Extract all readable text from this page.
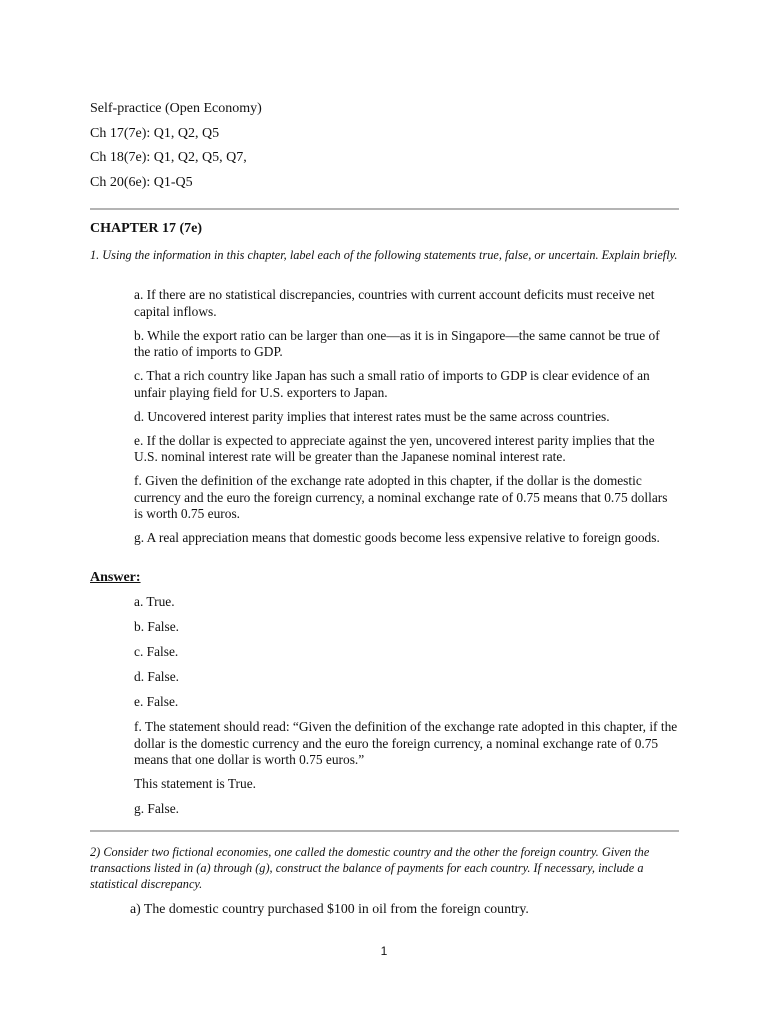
Self-practice (Open Economy)
Ch 17(7e): Q1, Q2, Q5
Ch 18(7e): Q1, Q2, Q5, Q7,
Ch 20(6e): Q1-Q5
CHAPTER 17 (7e)
1. Using the information in this chapter, label each of the following statements true, false, or uncertain. Explain briefly.

a. If there are no statistical discrepancies, countries with current account deficits must receive net capital inflows.

b. While the export ratio can be larger than one—as it is in Singapore—the same cannot be true of the ratio of imports to GDP.

c. That a rich country like Japan has such a small ratio of imports to GDP is clear evidence of an unfair playing field for U.S. exporters to Japan.

d. Uncovered interest parity implies that interest rates must be the same across countries.

e. If the dollar is expected to appreciate against the yen, uncovered interest parity implies that the U.S. nominal interest rate will be greater than the Japanese nominal interest rate.

f. Given the definition of the exchange rate adopted in this chapter, if the dollar is the domestic currency and the euro the foreign currency, a nominal exchange rate of 0.75 means that 0.75 dollars is worth 0.75 euros.

g. A real appreciation means that domestic goods become less expensive relative to foreign goods.

Answer:

a. True.

b. False.

c. False.

d. False.

e. False.

f. The statement should read: “Given the definition of the exchange rate adopted in this chapter, if the dollar is the domestic currency and the euro the foreign currency, a nominal exchange rate of 0.75 means that one dollar is worth 0.75 euros.”

This statement is True.

g. False.

2) Consider two fictional economies, one called the domestic country and the other the foreign country. Given the transactions listed in (a) through (g), construct the balance of payments for each country. If necessary, include a statistical discrepancy.
a) The domestic country purchased $100 in oil from the foreign country.
1
